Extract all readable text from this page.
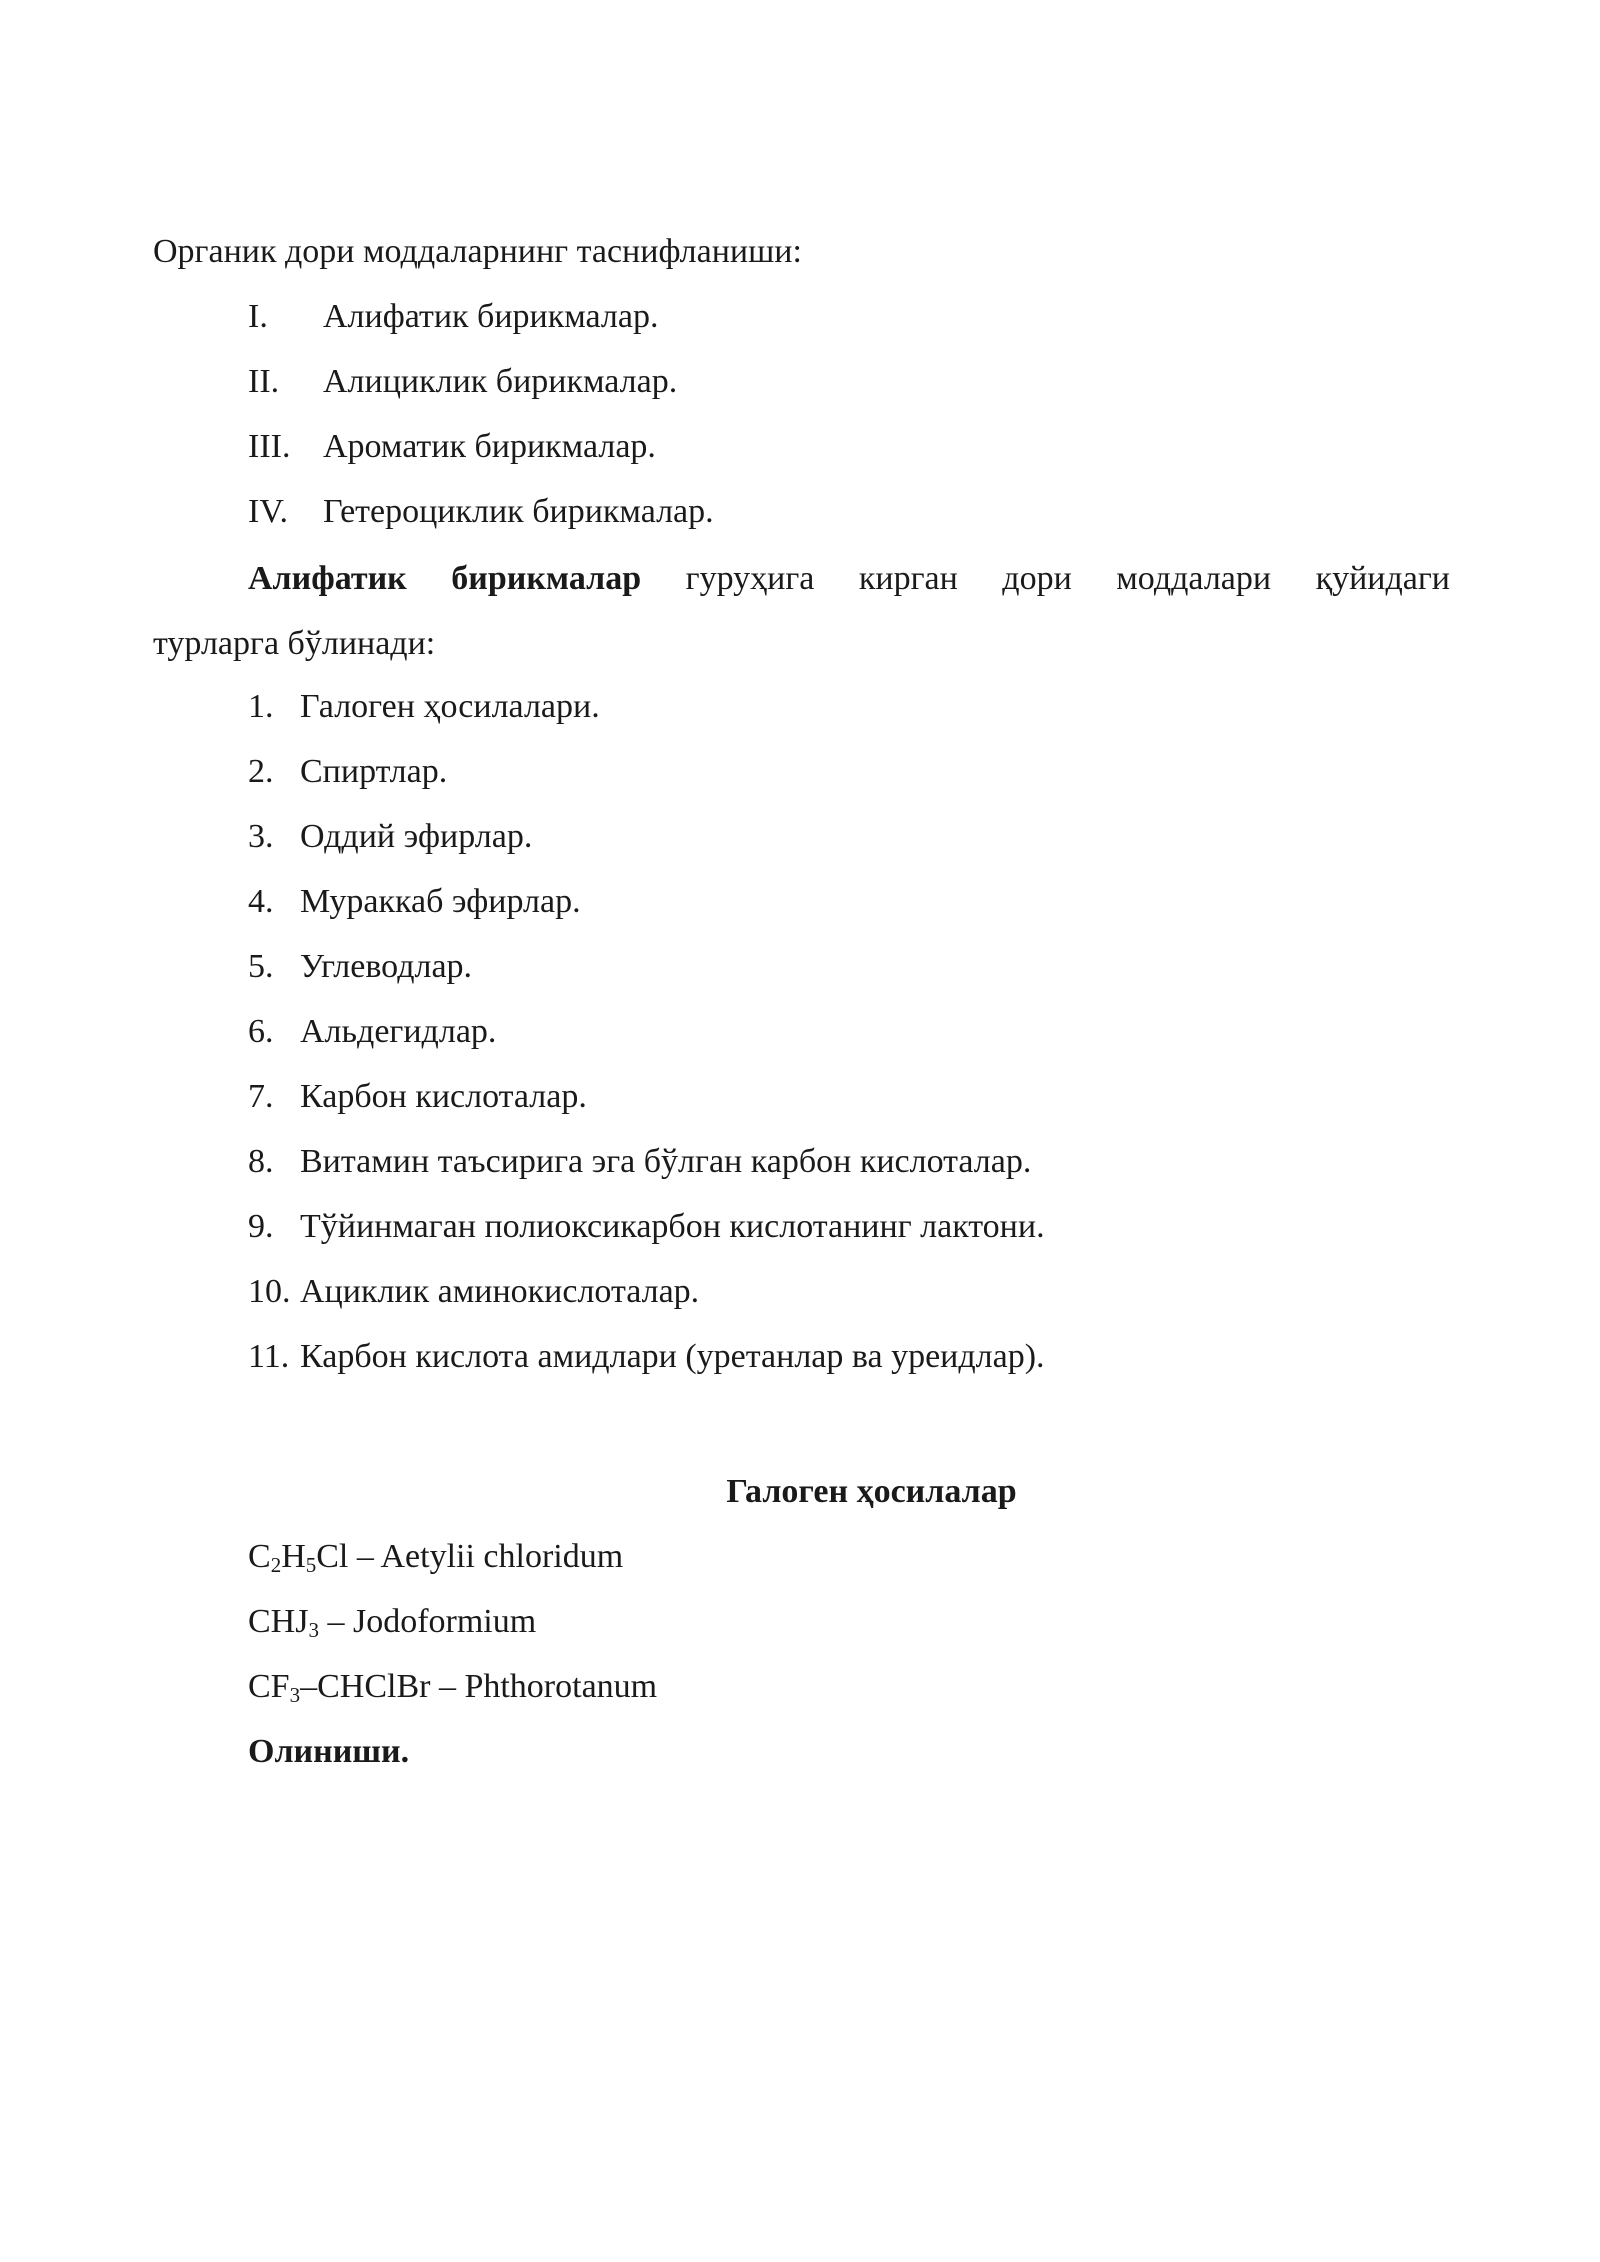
Органик дори моддаларнинг таснифланиши:
I. Алифатик бирикмалар.
II. Алициклик бирикмалар.
III. Ароматик бирикмалар.
IV. Гетероциклик бирикмалар.
Алифатик бирикмалар гуруҳига кирган дори моддалари қуйидаги
турларга бўлинади:
1. Галоген ҳосилалари.
2. Спиртлар.
3. Оддий эфирлар.
4. Мураккаб эфирлар.
5. Углеводлар.
6. Альдегидлар.
7. Карбон кислоталар.
8. Витамин таъсирига эга бўлган карбон кислоталар.
9. Тўйинмаган полиоксикарбон кислотанинг лактони.
10. Ациклик аминокислоталар.
11. Карбон кислота амидлари (уретанлар ва уреидлар).
Галоген ҳосилалар
$C_2H_5Cl$ – Aetylii chloridum
$CHJ_3$ – Jodoformium
$CF_3$–CHClBr – Phthorotanum
Олиниши.
